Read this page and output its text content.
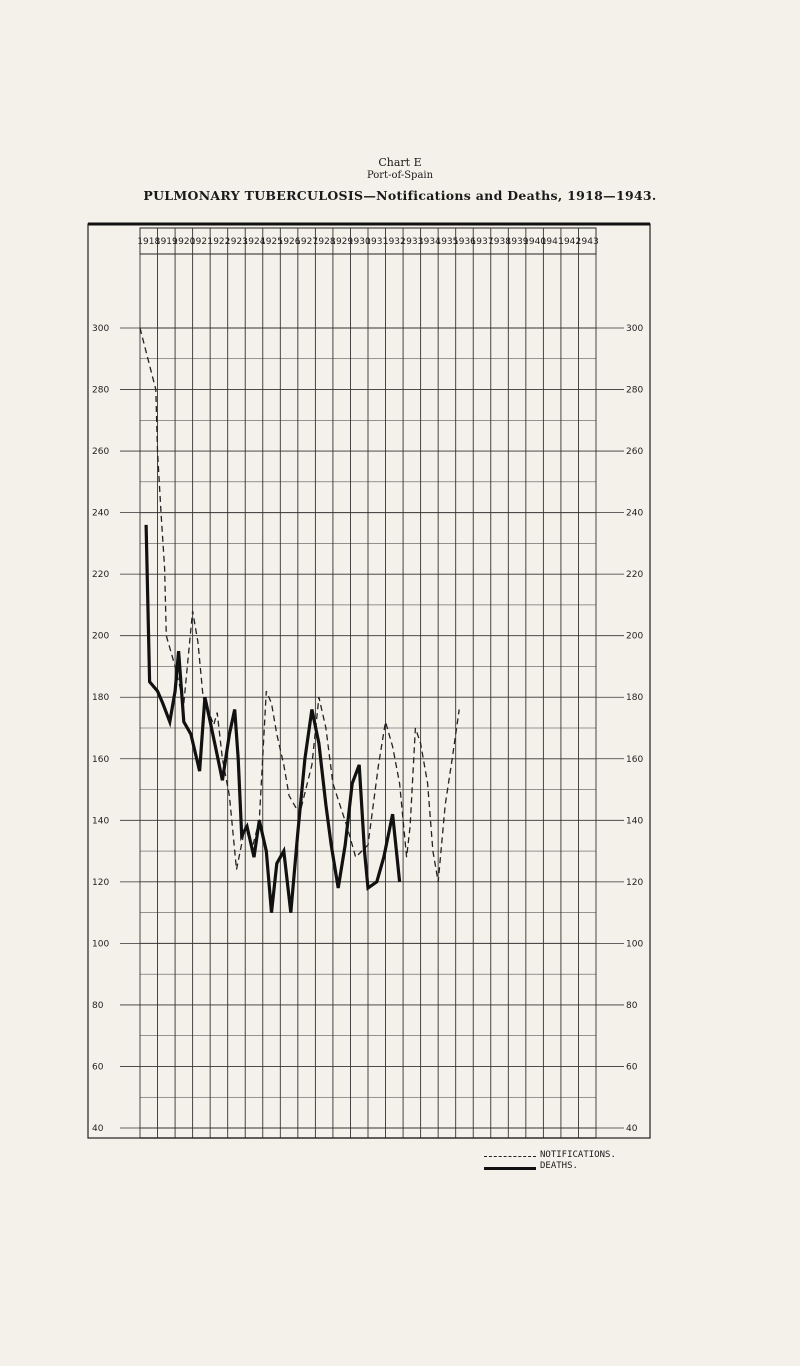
Chart E
Port-of-Spain
PULMONARY TUBERCULOSIS—Notifications and Deaths, 1918—1943.
1918
1919
1920
1921
1922
1923
1924
1925
1926
1927
1928
1929
1930
1931
1932
1933
1934
1935
1936
1937
1938
1939
1940
1941
1942
1943
300
280
260
240
220
200
180
160
140
120
100
80
60
40
300
280
260
240
220
200
180
160
140
120
100
80
60
40
NOTIFICATIONS.
DEATHS.
